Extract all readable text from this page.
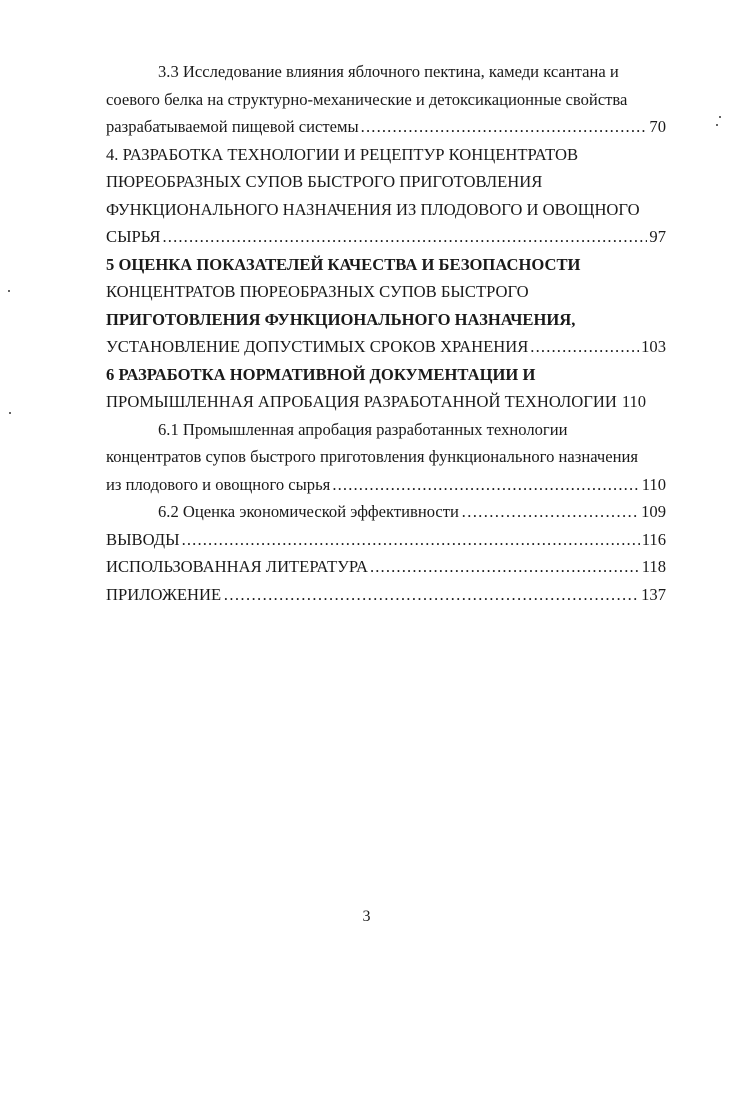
3.3 Исследование влияния яблочного пектина, камеди ксантана и
соевого белка на структурно-механические и детоксикационные свойства
разрабатываемой пищевой системы . . .	70
4. РАЗРАБОТКА ТЕХНОЛОГИИ И РЕЦЕПТУР КОНЦЕНТРАТОВ
ПЮРЕОБРАЗНЫХ СУПОВ БЫСТРОГО ПРИГОТОВЛЕНИЯ
ФУНКЦИОНАЛЬНОГО НАЗНАЧЕНИЯ ИЗ ПЛОДОВОГО И ОВОЩНОГО
СЫРЬЯ . . .	97
5 ОЦЕНКА ПОКАЗАТЕЛЕЙ КАЧЕСТВА И БЕЗОПАСНОСТИ
КОНЦЕНТРАТОВ ПЮРЕОБРАЗНЫХ СУПОВ БЫСТРОГО
ПРИГОТОВЛЕНИЯ ФУНКЦИОНАЛЬНОГО НАЗНАЧЕНИЯ,
УСТАНОВЛЕНИЕ ДОПУСТИМЫХ СРОКОВ ХРАНЕНИЯ . . .	103
6 РАЗРАБОТКА НОРМАТИВНОЙ ДОКУМЕНТАЦИИ И
ПРОМЫШЛЕННАЯ АПРОБАЦИЯ РАЗРАБОТАННОЙ ТЕХНОЛОГИИ 110
6.1 Промышленная апробация разработанных технологии
концентратов супов быстрого приготовления функционального назначения
из плодового и овощного сырья . . .	110
6.2 Оценка экономической эффективности ……………………………………………………………………………………………………………………………………	109
ВЫВОДЫ . . .	116
ИСПОЛЬЗОВАННАЯ ЛИТЕРАТУРА . . .	118
ПРИЛОЖЕНИЕ ……………………………………………………………………………………………………………………………………	137
3
